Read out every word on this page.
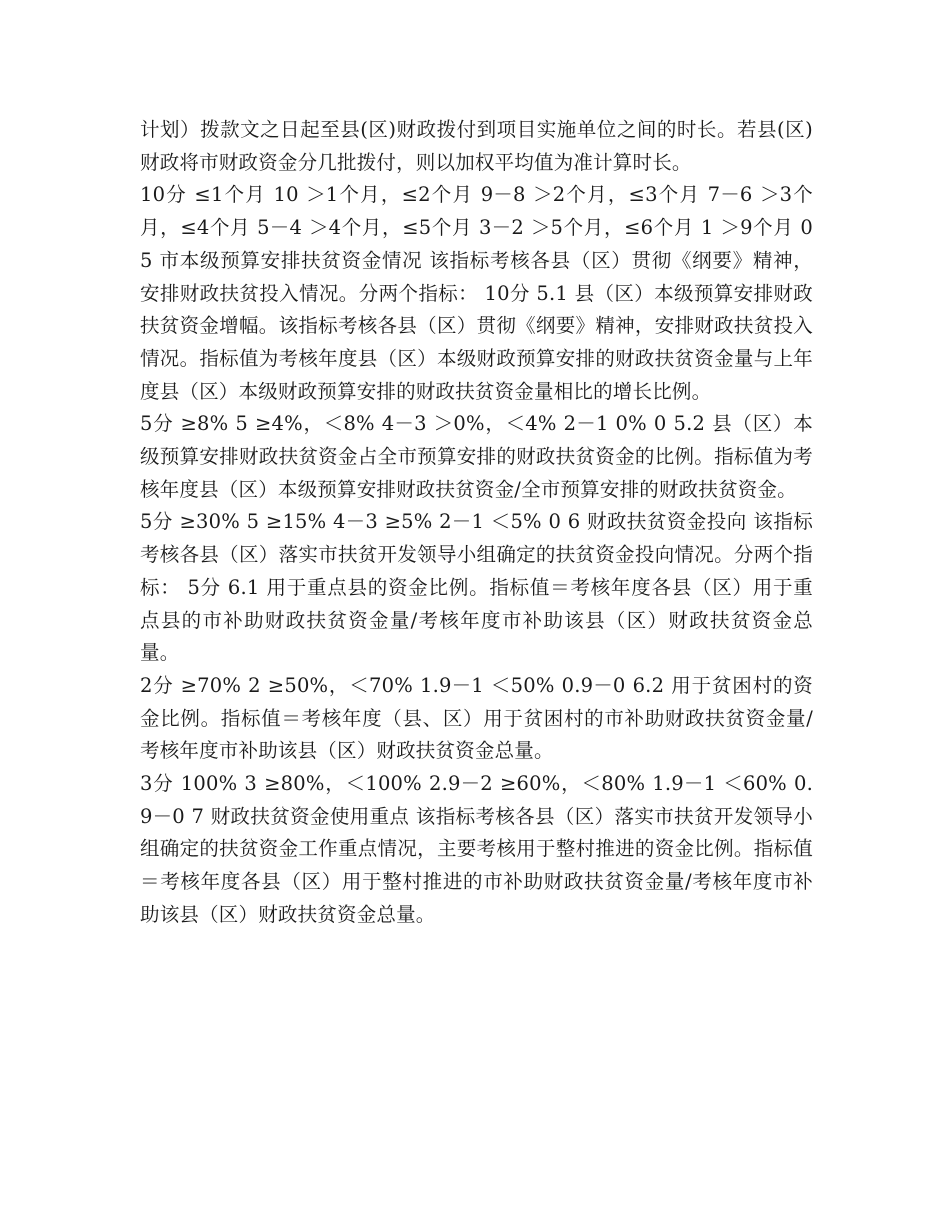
计划）拨款文之日起至县(区)财政拨付到项目实施单位之间的时长。若县(区)财政将市财政资金分几批拨付，则以加权平均值为准计算时长。

10分 ≤1个月 10 ＞1个月，≤2个月 9－8 ＞2个月，≤3个月 7－6 ＞3个月，≤4个月 5－4 ＞4个月，≤5个月 3－2 ＞5个月，≤6个月 1 ＞9个月 0 5 市本级预算安排扶贫资金情况 该指标考核各县（区）贯彻《纲要》精神，安排财政扶贫投入情况。分两个指标： 10分 5.1 县（区）本级预算安排财政扶贫资金增幅。该指标考核各县（区）贯彻《纲要》精神，安排财政扶贫投入情况。指标值为考核年度县（区）本级财政预算安排的财政扶贫资金量与上年度县（区）本级财政预算安排的财政扶贫资金量相比的增长比例。

5分 ≥8% 5 ≥4%，＜8% 4－3 ＞0%，＜4% 2－1 0% 0 5.2 县（区）本级预算安排财政扶贫资金占全市预算安排的财政扶贫资金的比例。指标值为考核年度县（区）本级预算安排财政扶贫资金/全市预算安排的财政扶贫资金。

5分 ≥30% 5 ≥15% 4－3 ≥5% 2－1 ＜5% 0 6 财政扶贫资金投向 该指标考核各县（区）落实市扶贫开发领导小组确定的扶贫资金投向情况。分两个指标： 5分 6.1 用于重点县的资金比例。指标值＝考核年度各县（区）用于重点县的市补助财政扶贫资金量/考核年度市补助该县（区）财政扶贫资金总量。

2分 ≥70% 2 ≥50%，＜70% 1.9－1 ＜50% 0.9－0 6.2 用于贫困村的资金比例。指标值＝考核年度（县、区）用于贫困村的市补助财政扶贫资金量/考核年度市补助该县（区）财政扶贫资金总量。

3分 100% 3 ≥80%，＜100% 2.9－2 ≥60%，＜80% 1.9－1 ＜60% 0.9－0 7 财政扶贫资金使用重点 该指标考核各县（区）落实市扶贫开发领导小组确定的扶贫资金工作重点情况，主要考核用于整村推进的资金比例。指标值＝考核年度各县（区）用于整村推进的市补助财政扶贫资金量/考核年度市补助该县（区）财政扶贫资金总量。
